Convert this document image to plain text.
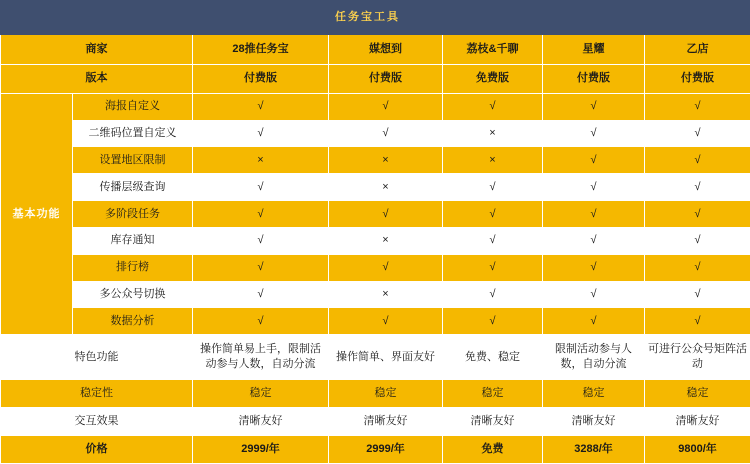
		任务宝工具				
商家		28推任务宝	媒想到	荔枝&千聊	星耀	乙店
版本		付费版	付费版	免费版	付费版	付费版
基本功能	海报自定义	√	√	√	√	√
	二维码位置自定义	√	√	×	√	√
	设置地区限制	×	×	×	√	√
	传播层级查询	√	×	√	√	√
	多阶段任务	√	√	√	√	√
	库存通知	√	×	√	√	√
	排行榜	√	√	√	√	√
	多公众号切换	√	×	√	√	√
	数据分析	√	√	√	√	√
特色功能		操作简单易上手，限制活动参与人数，自动分流	操作简单、界面友好	免费、稳定	限制活动参与人数，自动分流	可进行公众号矩阵活动
稳定性		稳定	稳定	稳定	稳定	稳定
交互效果		清晰友好	清晰友好	清晰友好	清晰友好	清晰友好
价格		2999/年	2999/年	免费	3288/年	9800/年
